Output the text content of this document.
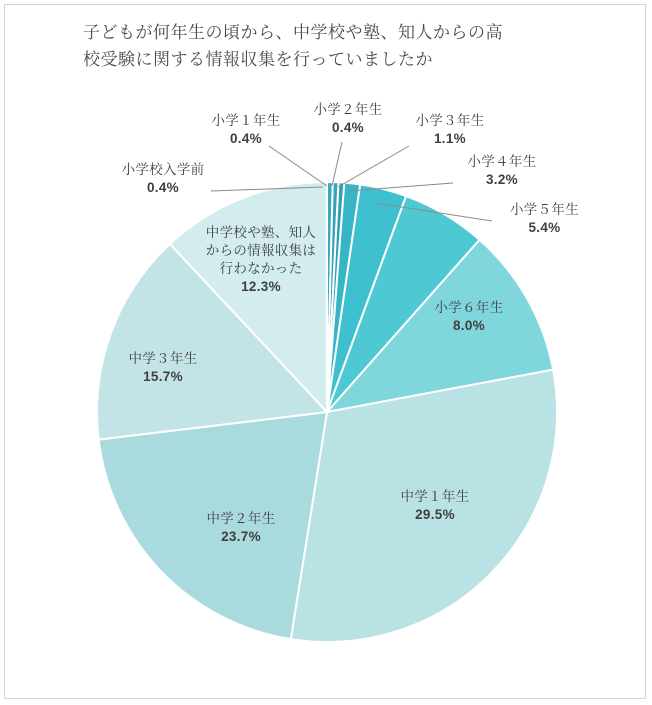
子どもが何年生の頃から、中学校や塾、知人からの高
校受験に関する情報収集を行っていましたか
小学校入学前
0.4%
小学１年生
0.4%
小学２年生
0.4%	小学３年生
1.1%
小学４年生
3.2%
小学５年生
5.4%
小学６年生
8.0%
中学１年生
29.5%
中学２年生
23.7%
中学３年生
15.7%
中学校や塾、知人からの情報収集は行わなかった
12.3%
